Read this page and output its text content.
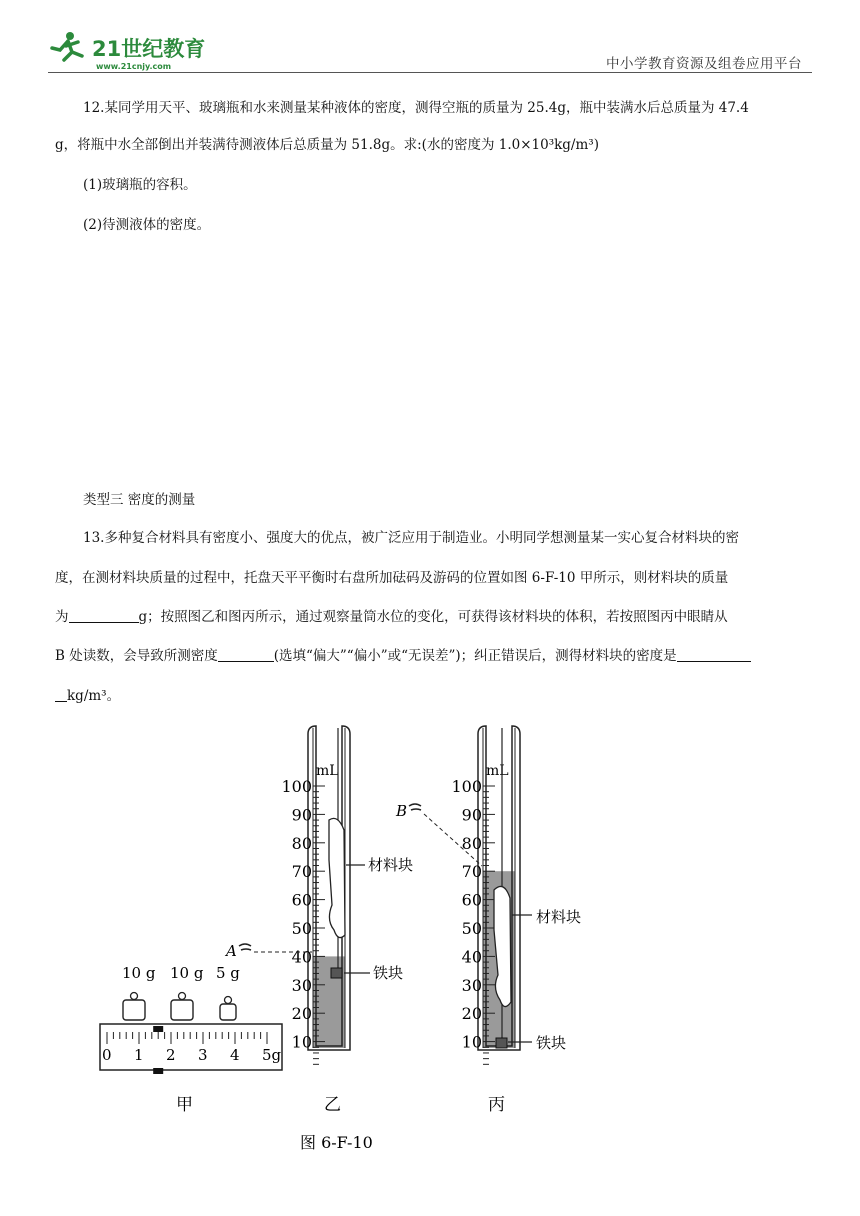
21世纪教育
www.21cnjy.com	中小学教育资源及组卷应用平台
12.某同学用天平、玻璃瓶和水来测量某种液体的密度，测得空瓶的质量为 25.4g，瓶中装满水后总质量为 47.4
g，将瓶中水全部倒出并装满待测液体后总质量为 51.8g。求:(水的密度为 1.0×10³kg/m³)
(1)玻璃瓶的容积。
(2)待测液体的密度。
类型三 密度的测量
13.多种复合材料具有密度小、强度大的优点，被广泛应用于制造业。小明同学想测量某一实心复合材料块的密
度，在测材料块质量的过程中，托盘天平平衡时右盘所加砝码及游码的位置如图 6-F-10 甲所示，则材料块的质量
为	g；按照图乙和图丙所示，通过观察量筒水位的变化，可获得该材料块的体积，若按照图丙中眼睛从
B 处读数，会导致所测密度	(选填“偏大”“偏小”或“无误差”)；纠正错误后，测得材料块的密度是
kg/m³。
10 g 10 g 5 g
0 1 2 3 4 5g
甲
100
90
80
70
60
50
40
30
20
10
mL
材料块
铁块
A
乙
100
90
80
70
60
50
40
30
20
10
mL
材料块
铁块
B
丙
图 6-F-10
